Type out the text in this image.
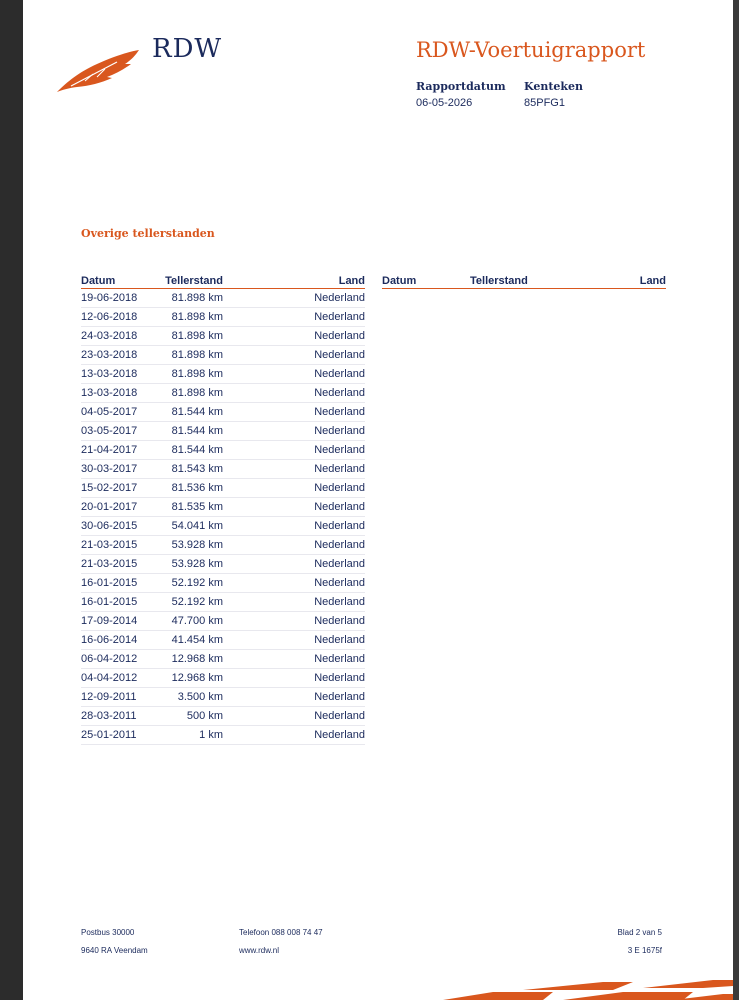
RDW	RDW-Voertuigrapport
Rapportdatum
06-05-2026
Kenteken
85PFG1
Overige tellerstanden
Datum	Tellerstand	Land
19-06-2018	81.898 km	Nederland
12-06-2018	81.898 km	Nederland
24-03-2018	81.898 km	Nederland
23-03-2018	81.898 km	Nederland
13-03-2018	81.898 km	Nederland
13-03-2018	81.898 km	Nederland
04-05-2017	81.544 km	Nederland
03-05-2017	81.544 km	Nederland
21-04-2017	81.544 km	Nederland
30-03-2017	81.543 km	Nederland
15-02-2017	81.536 km	Nederland
20-01-2017	81.535 km	Nederland
30-06-2015	54.041 km	Nederland
21-03-2015	53.928 km	Nederland
21-03-2015	53.928 km	Nederland
16-01-2015	52.192 km	Nederland
16-01-2015	52.192 km	Nederland
17-09-2014	47.700 km	Nederland
16-06-2014	41.454 km	Nederland
06-04-2012	12.968 km	Nederland
04-04-2012	12.968 km	Nederland
12-09-2011	3.500 km	Nederland
28-03-2011	500 km	Nederland
25-01-2011	1 km	Nederland
Datum	Tellerstand	Land
Postbus 30000
9640 RA Veendam
Telefoon 088 008 74 47
www.rdw.nl
Blad 2 van 5
3 E 1675f
